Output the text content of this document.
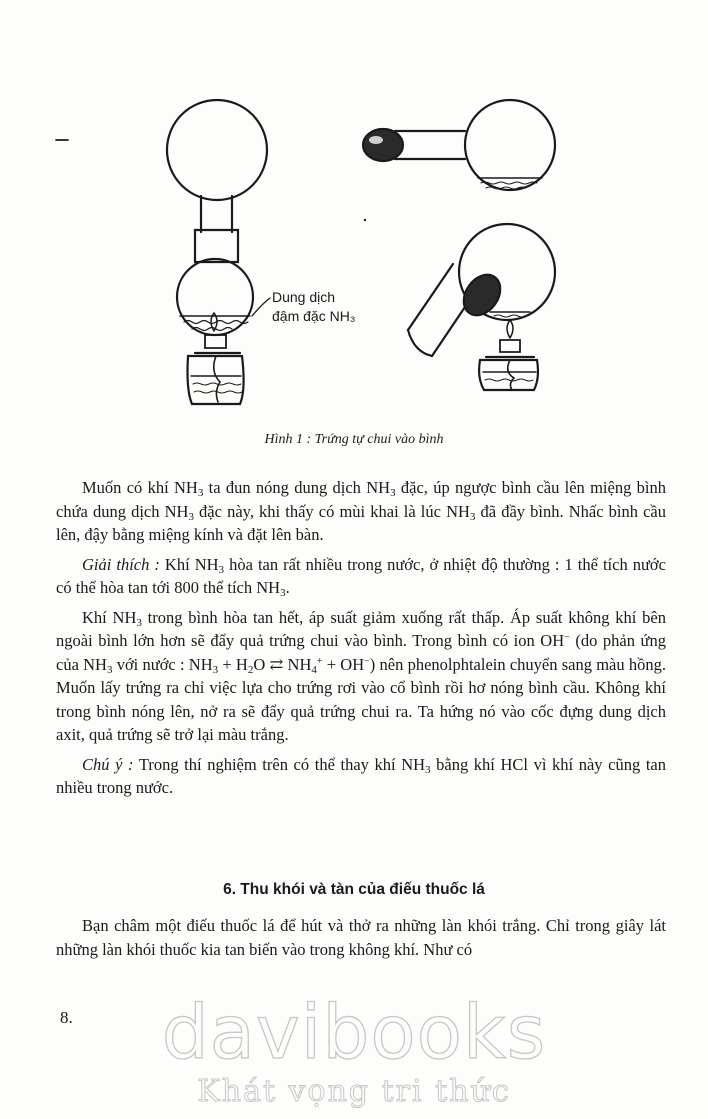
Dung dịch
đậm đặc NH₃
Hình 1 : Trứng tự chui vào bình

Muốn có khí $NH_3$ ta đun nóng dung dịch $NH_3$ đặc, úp ngược bình cầu lên miệng bình chứa dung dịch $NH_3$ đặc này, khi thấy có mùi khai là lúc $NH_3$ đã đầy bình. Nhấc bình cầu lên, đậy bằng miệng kính và đặt lên bàn.

Giải thích : Khí $NH_3$ hòa tan rất nhiều trong nước, ở nhiệt độ thường : 1 thể tích nước có thể hòa tan tới 800 thể tích $NH_3$.

Khí $NH_3$ trong bình hòa tan hết, áp suất giảm xuống rất thấp. Áp suất không khí bên ngoài bình lớn hơn sẽ đẩy quả trứng chui vào bình. Trong bình có ion OH− (do phản ứng của $NH_3$ với nước : $NH_3 + H_2O$ ⇄ $NH_4^+ + OH^-$) nên phenolphtalein chuyển sang màu hồng. Muốn lấy trứng ra chỉ việc lựa cho trứng rơi vào cổ bình rồi hơ nóng bình cầu. Không khí trong bình nóng lên, nở ra sẽ đẩy quả trứng chui ra. Ta hứng nó vào cốc đựng dung dịch axit, quả trứng sẽ trở lại màu trắng.

Chú ý : Trong thí nghiệm trên có thể thay khí $NH_3$ bằng khí HCl vì khí này cũng tan nhiều trong nước.

6. Thu khói và tàn của điếu thuốc lá

Bạn châm một điếu thuốc lá để hút và thở ra những làn khói trắng. Chỉ trong giây lát những làn khói thuốc kia tan biến vào trong không khí. Như có

8.	davibooks
Khát vọng tri thức
